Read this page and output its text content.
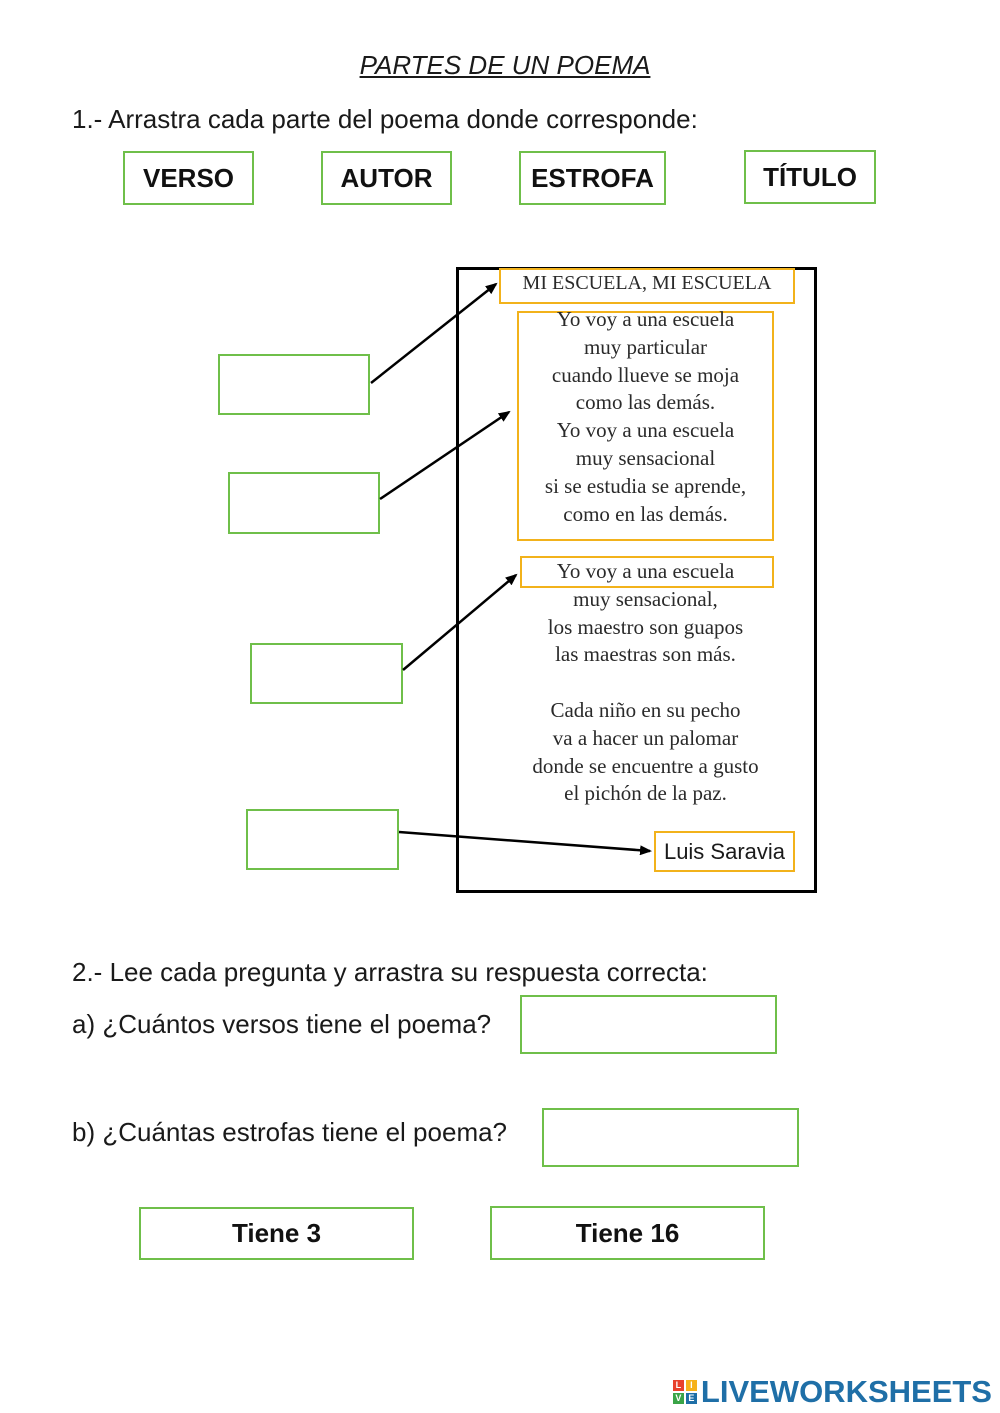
PARTES DE UN POEMA
1.- Arrastra cada parte del poema donde corresponde:
VERSO	AUTOR	ESTROFA	TÍTULO
MI ESCUELA, MI ESCUELA
Yo voy a una escuela
muy particular
cuando llueve se moja
como las demás.
Yo voy a una escuela
muy sensacional
si se estudia se aprende,
como en las demás.
Yo voy a una escuela
muy sensacional,
los maestro son guapos
las maestras son más.
Cada niño en su pecho
va a hacer un palomar
donde se encuentre a gusto
el pichón de la paz.
Luis Saravia
2.- Lee cada pregunta y arrastra su respuesta correcta:
a) ¿Cuántos versos tiene el poema?
b) ¿Cuántas estrofas tiene el poema?
Tiene 3	Tiene 16
L I
V E LIVEWORKSHEETS
